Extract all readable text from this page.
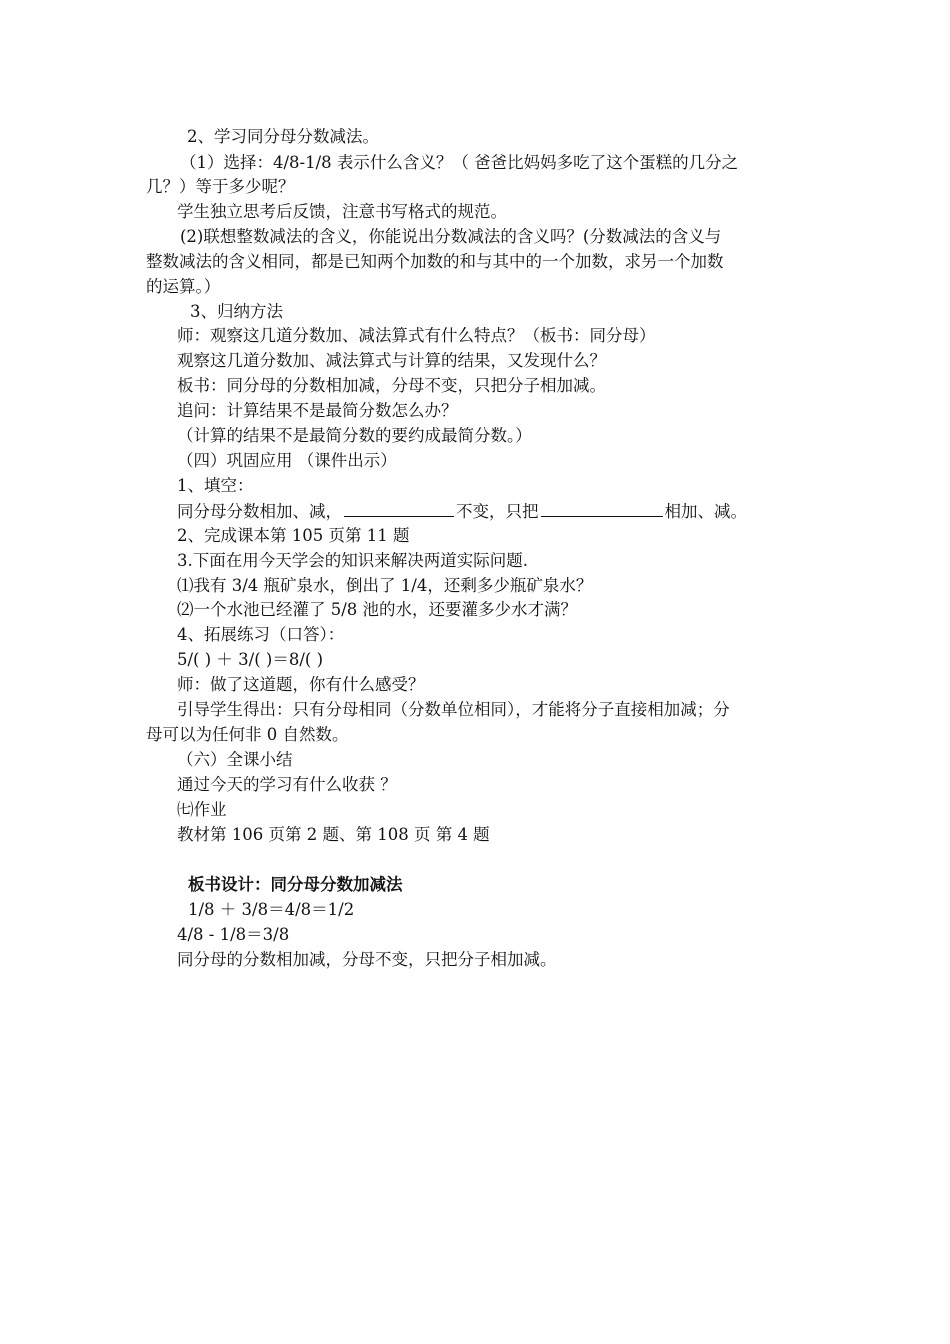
2、学习同分母分数减法。
（1）选择：4/8-1/8 表示什么含义？（ 爸爸比妈妈多吃了这个蛋糕的几分之
几？）等于多少呢？
学生独立思考后反馈，注意书写格式的规范。
(2)联想整数减法的含义，你能说出分数减法的含义吗？(分数减法的含义与
整数减法的含义相同，都是已知两个加数的和与其中的一个加数，求另一个加数
的运算。）
3、归纳方法
师：观察这几道分数加、减法算式有什么特点？（板书：同分母）
观察这几道分数加、减法算式与计算的结果，又发现什么？
板书：同分母的分数相加减，分母不变，只把分子相加减。
追问：计算结果不是最简分数怎么办？
（计算的结果不是最简分数的要约成最简分数。）
（四）巩固应用 （课件出示）
1、填空：
同分母分数相加、减，	不变，只把	相加、减。
2、完成课本第 105 页第 11 题
3.下面在用今天学会的知识来解决两道实际问题.
⑴我有 3/4 瓶矿泉水，倒出了 1/4，还剩多少瓶矿泉水？
⑵一个水池已经灌了 5/8 池的水，还要灌多少水才满？
4、拓展练习（口答）：
5/( ) ＋ 3/( )＝8/( )
师：做了这道题，你有什么感受？
引导学生得出：只有分母相同（分数单位相同），才能将分子直接相加减；分
母可以为任何非 0 自然数。
（六）全课小结
通过今天的学习有什么收获 ？
㈦作业
教材第 106 页第 2 题、第 108 页 第 4 题
板书设计：同分母分数加减法
1/8 ＋ 3/8＝4/8＝1/2
4/8 - 1/8＝3/8
同分母的分数相加减，分母不变，只把分子相加减。
